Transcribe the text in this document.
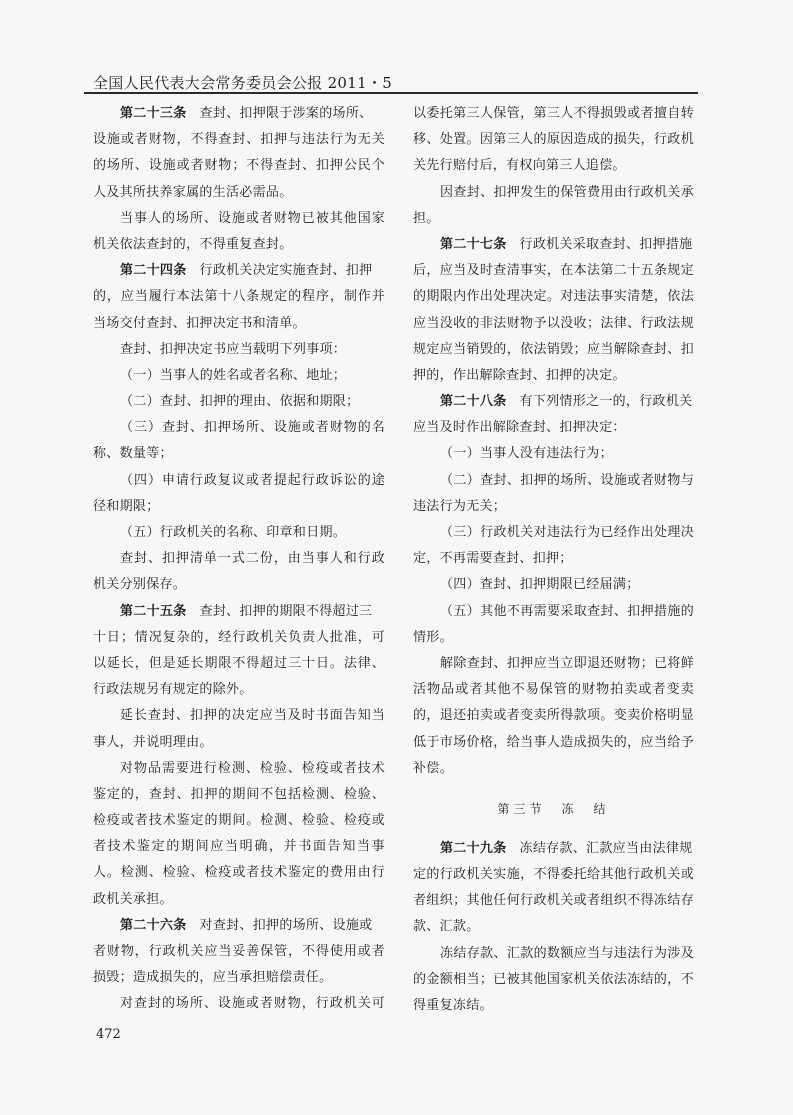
全国人民代表大会常务委员会公报 2011・5
第二十三条 查封、扣押限于涉案的场所、
设施或者财物，不得查封、扣押与违法行为无关
的场所、设施或者财物；不得查封、扣押公民个
人及其所扶养家属的生活必需品。
当事人的场所、设施或者财物已被其他国家
机关依法查封的，不得重复查封。
第二十四条 行政机关决定实施查封、扣押
的，应当履行本法第十八条规定的程序，制作并
当场交付查封、扣押决定书和清单。
查封、扣押决定书应当载明下列事项：
（一）当事人的姓名或者名称、地址；
（二）查封、扣押的理由、依据和期限；
（三）查封、扣押场所、设施或者财物的名
称、数量等；
（四）申请行政复议或者提起行政诉讼的途
径和期限；
（五）行政机关的名称、印章和日期。
查封、扣押清单一式二份，由当事人和行政
机关分别保存。
第二十五条 查封、扣押的期限不得超过三
十日；情况复杂的，经行政机关负责人批准，可
以延长，但是延长期限不得超过三十日。法律、
行政法规另有规定的除外。
延长查封、扣押的决定应当及时书面告知当
事人，并说明理由。
对物品需要进行检测、检验、检疫或者技术
鉴定的，查封、扣押的期间不包括检测、检验、
检疫或者技术鉴定的期间。检测、检验、检疫或
者技术鉴定的期间应当明确，并书面告知当事
人。检测、检验、检疫或者技术鉴定的费用由行
政机关承担。
第二十六条 对查封、扣押的场所、设施或
者财物，行政机关应当妥善保管，不得使用或者
损毁；造成损失的，应当承担赔偿责任。
对查封的场所、设施或者财物，行政机关可
以委托第三人保管，第三人不得损毁或者擅自转
移、处置。因第三人的原因造成的损失，行政机
关先行赔付后，有权向第三人追偿。
因查封、扣押发生的保管费用由行政机关承
担。
第二十七条 行政机关采取查封、扣押措施
后，应当及时查清事实，在本法第二十五条规定
的期限内作出处理决定。对违法事实清楚，依法
应当没收的非法财物予以没收；法律、行政法规
规定应当销毁的，依法销毁；应当解除查封、扣
押的，作出解除查封、扣押的决定。
第二十八条 有下列情形之一的，行政机关
应当及时作出解除查封、扣押决定：
（一）当事人没有违法行为；
（二）查封、扣押的场所、设施或者财物与
违法行为无关；
（三）行政机关对违法行为已经作出处理决
定，不再需要查封、扣押；
（四）查封、扣押期限已经届满；
（五）其他不再需要采取查封、扣押措施的
情形。
解除查封、扣押应当立即退还财物；已将鲜
活物品或者其他不易保管的财物拍卖或者变卖
的，退还拍卖或者变卖所得款项。变卖价格明显
低于市场价格，给当事人造成损失的，应当给予
补偿。
第三节　冻　结
第二十九条 冻结存款、汇款应当由法律规
定的行政机关实施，不得委托给其他行政机关或
者组织；其他任何行政机关或者组织不得冻结存
款、汇款。
冻结存款、汇款的数额应当与违法行为涉及
的金额相当；已被其他国家机关依法冻结的，不
得重复冻结。
472
